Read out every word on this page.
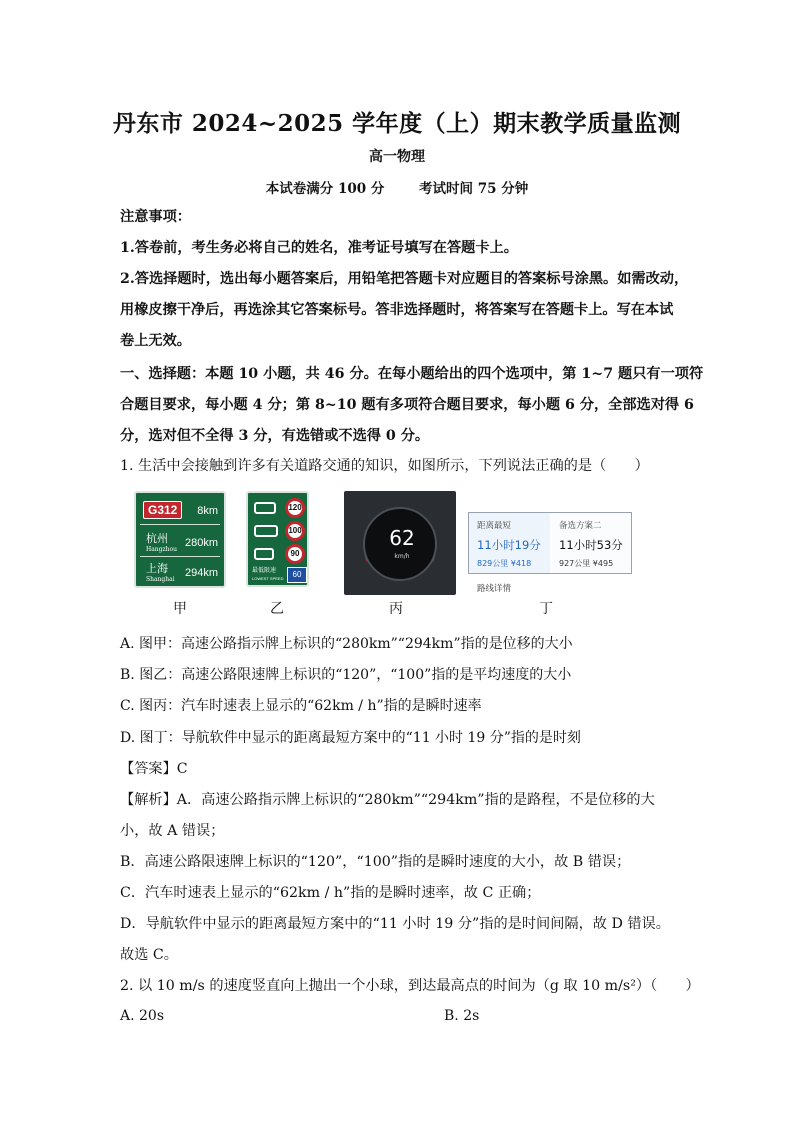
丹东市 2024~2025 学年度（上）期末教学质量监测
高一物理
本试卷满分 100 分	考试时间 75 分钟
注意事项：
1.答卷前，考生务必将自己的姓名，准考证号填写在答题卡上。
2.答选择题时，选出每小题答案后，用铅笔把答题卡对应题目的答案标号涂黑。如需改动，
用橡皮擦干净后，再选涂其它答案标号。答非选择题时，将答案写在答题卡上。写在本试
卷上无效。
一、选择题：本题 10 小题，共 46 分。在每小题给出的四个选项中，第 1~7 题只有一项符
合题目要求，每小题 4 分；第 8~10 题有多项符合题目要求，每小题 6 分，全部选对得 6
分，选对但不全得 3 分，有选错或不选得 0 分。
1. 生活中会接触到许多有关道路交通的知识，如图所示，下列说法正确的是（　　）
G312	8km
杭州
Hangzhou
280km
上海
Shanghai
294km
甲
120
100
90
最低限速
LOWEST SPEED	60
乙
62
km/h
丙
距离最短
11小时19分
829公里 ¥418
备选方案二
11小时53分
927公里 ¥495
路线详情
丁
A. 图甲：高速公路指示牌上标识的“280km”“294km”指的是位移的大小
B. 图乙：高速公路限速牌上标识的“120”，“100”指的是平均速度的大小
C. 图丙：汽车时速表上显示的“62km / h”指的是瞬时速率
D. 图丁：导航软件中显示的距离最短方案中的“11 小时 19 分”指的是时刻
【答案】C
【解析】A．高速公路指示牌上标识的“280km”“294km”指的是路程，不是位移的大
小，故 A 错误；
B．高速公路限速牌上标识的“120”，“100”指的是瞬时速度的大小，故 B 错误；
C．汽车时速表上显示的“62km / h”指的是瞬时速率，故 C 正确；
D．导航软件中显示的距离最短方案中的“11 小时 19 分”指的是时间间隔，故 D 错误。
故选 C。
2. 以 10 m/s 的速度竖直向上抛出一个小球，到达最高点的时间为（g 取 10 m/s²）（　　）
A. 20s	B. 2s
